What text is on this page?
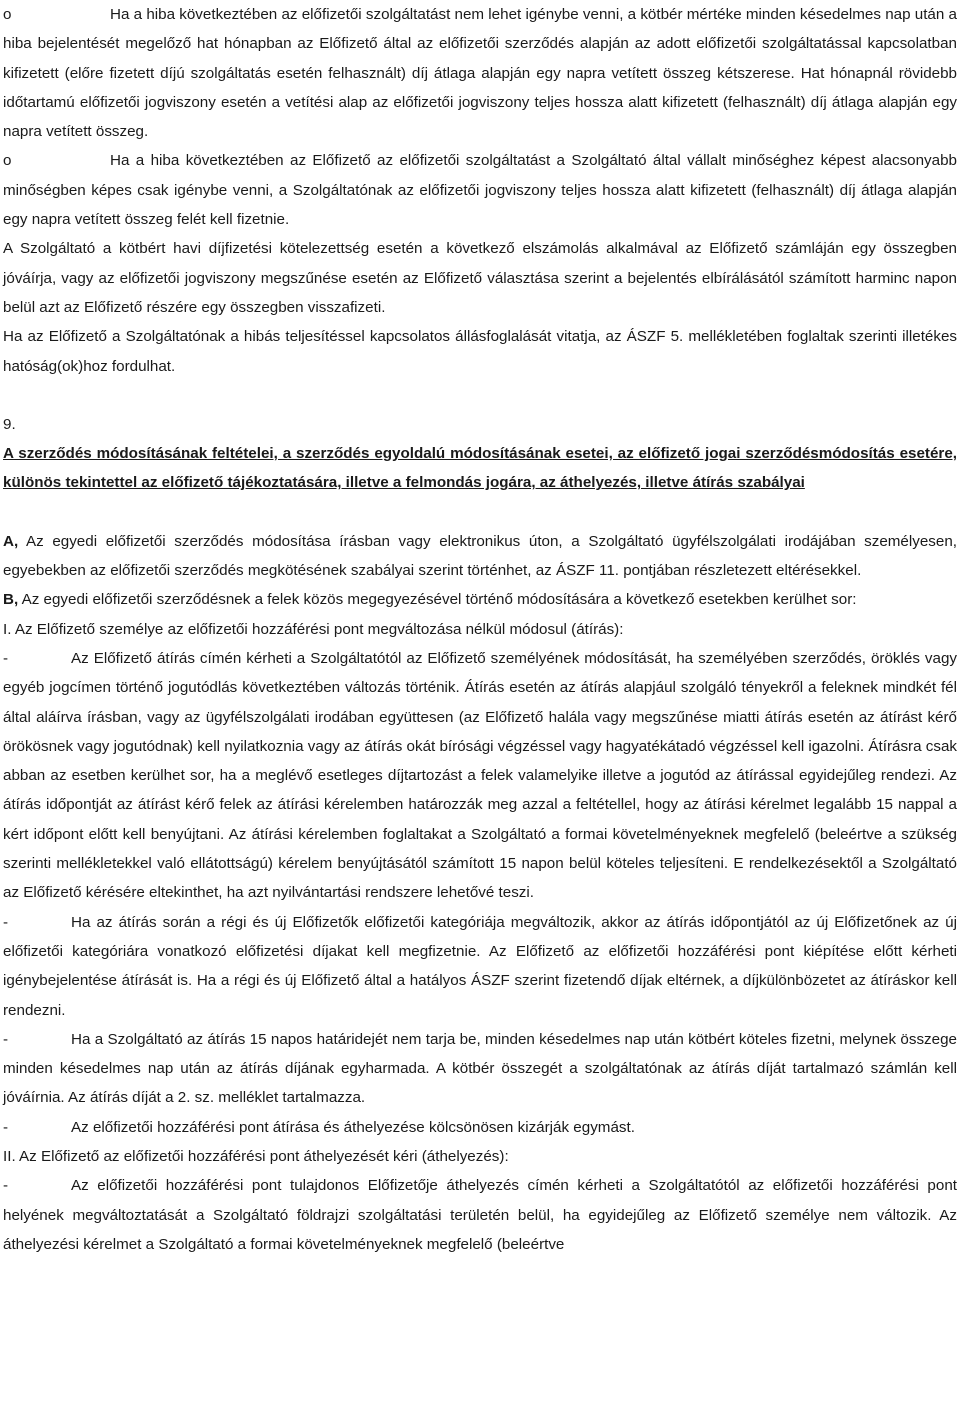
o	Ha a hiba következtében az előfizetői szolgáltatást nem lehet igénybe venni, a kötbér mértéke minden késedelmes nap után a hiba bejelentését megelőző hat hónapban az Előfizető által az előfizetői szerződés alapján az adott előfizetői szolgáltatással kapcsolatban kifizetett (előre fizetett díjú szolgáltatás esetén felhasznált) díj átlaga alapján egy napra vetített összeg kétszerese. Hat hónapnál rövidebb időtartamú előfizetői jogviszony esetén a vetítési alap az előfizetői jogviszony teljes hossza alatt kifizetett (felhasznált) díj átlaga alapján egy napra vetített összeg.

o	Ha a hiba következtében az Előfizető az előfizetői szolgáltatást a Szolgáltató által vállalt minőséghez képest alacsonyabb minőségben képes csak igénybe venni, a Szolgáltatónak az előfizetői jogviszony teljes hossza alatt kifizetett (felhasznált) díj átlaga alapján egy napra vetített összeg felét kell fizetnie.

A Szolgáltató a kötbért havi díjfizetési kötelezettség esetén a következő elszámolás alkalmával az Előfizető számláján egy összegben jóváírja, vagy az előfizetői jogviszony megszűnése esetén az Előfizető választása szerint a bejelentés elbírálásától számított harminc napon belül azt az Előfizető részére egy összegben visszafizeti.

Ha az Előfizető a Szolgáltatónak a hibás teljesítéssel kapcsolatos állásfoglalását vitatja, az ÁSZF 5. mellékletében foglaltak szerinti illetékes hatóság(ok)hoz fordulhat.

9.

A szerződés módosításának feltételei, a szerződés egyoldalú módosításának esetei, az előfizető jogai szerződésmódosítás esetére, különös tekintettel az előfizető tájékoztatására, illetve a felmondás jogára, az áthelyezés, illetve átírás szabályai

A, Az egyedi előfizetői szerződés módosítása írásban vagy elektronikus úton, a Szolgáltató ügyfélszolgálati irodájában személyesen, egyebekben az előfizetői szerződés megkötésének szabályai szerint történhet, az ÁSZF 11. pontjában részletezett eltérésekkel.

B, Az egyedi előfizetői szerződésnek a felek közös megegyezésével történő módosítására a következő esetekben kerülhet sor:

I. Az Előfizető személye az előfizetői hozzáférési pont megváltozása nélkül módosul (átírás):

-	Az Előfizető átírás címén kérheti a Szolgáltatótól az Előfizető személyének módosítását, ha személyében szerződés, öröklés vagy egyéb jogcímen történő jogutódlás következtében változás történik. Átírás esetén az átírás alapjául szolgáló tényekről a feleknek mindkét fél által aláírva írásban, vagy az ügyfélszolgálati irodában együttesen (az Előfizető halála vagy megszűnése miatti átírás esetén az átírást kérő örökösnek vagy jogutódnak) kell nyilatkoznia vagy az átírás okát bírósági végzéssel vagy hagyatékátadó végzéssel kell igazolni. Átírásra csak abban az esetben kerülhet sor, ha a meglévő esetleges díjtartozást a felek valamelyike illetve a jogutód az átírással egyidejűleg rendezi. Az átírás időpontját az átírást kérő felek az átírási kérelemben határozzák meg azzal a feltétellel, hogy az átírási kérelmet legalább 15 nappal a kért időpont előtt kell benyújtani. Az átírási kérelemben foglaltakat a Szolgáltató a formai követelményeknek megfelelő (beleértve a szükség szerinti mellékletekkel való ellátottságú) kérelem benyújtásától számított 15 napon belül köteles teljesíteni. E rendelkezésektől a Szolgáltató az Előfizető kérésére eltekinthet, ha azt nyilvántartási rendszere lehetővé teszi.

-	Ha az átírás során a régi és új Előfizetők előfizetői kategóriája megváltozik, akkor az átírás időpontjától az új Előfizetőnek az új előfizetői kategóriára vonatkozó előfizetési díjakat kell megfizetnie. Az Előfizető az előfizetői hozzáférési pont kiépítése előtt kérheti igénybejelentése átírását is. Ha a régi és új Előfizető által a hatályos ÁSZF szerint fizetendő díjak eltérnek, a díjkülönbözetet az átíráskor kell rendezni.

-	Ha a Szolgáltató az átírás 15 napos határidejét nem tarja be, minden késedelmes nap után kötbért köteles fizetni, melynek összege minden késedelmes nap után az átírás díjának egyharmada. A kötbér összegét a szolgáltatónak az átírás díját tartalmazó számlán kell jóváírnia. Az átírás díját a 2. sz. melléklet tartalmazza.

-	Az előfizetői hozzáférési pont átírása és áthelyezése kölcsönösen kizárják egymást.

II. Az Előfizető az előfizetői hozzáférési pont áthelyezését kéri (áthelyezés):

-	Az előfizetői hozzáférési pont tulajdonos Előfizetője áthelyezés címén kérheti a Szolgáltatótól az előfizetői hozzáférési pont helyének megváltoztatását a Szolgáltató földrajzi szolgáltatási területén belül, ha egyidejűleg az Előfizető személye nem változik. Az áthelyezési kérelmet a Szolgáltató a formai követelményeknek megfelelő (beleértve
